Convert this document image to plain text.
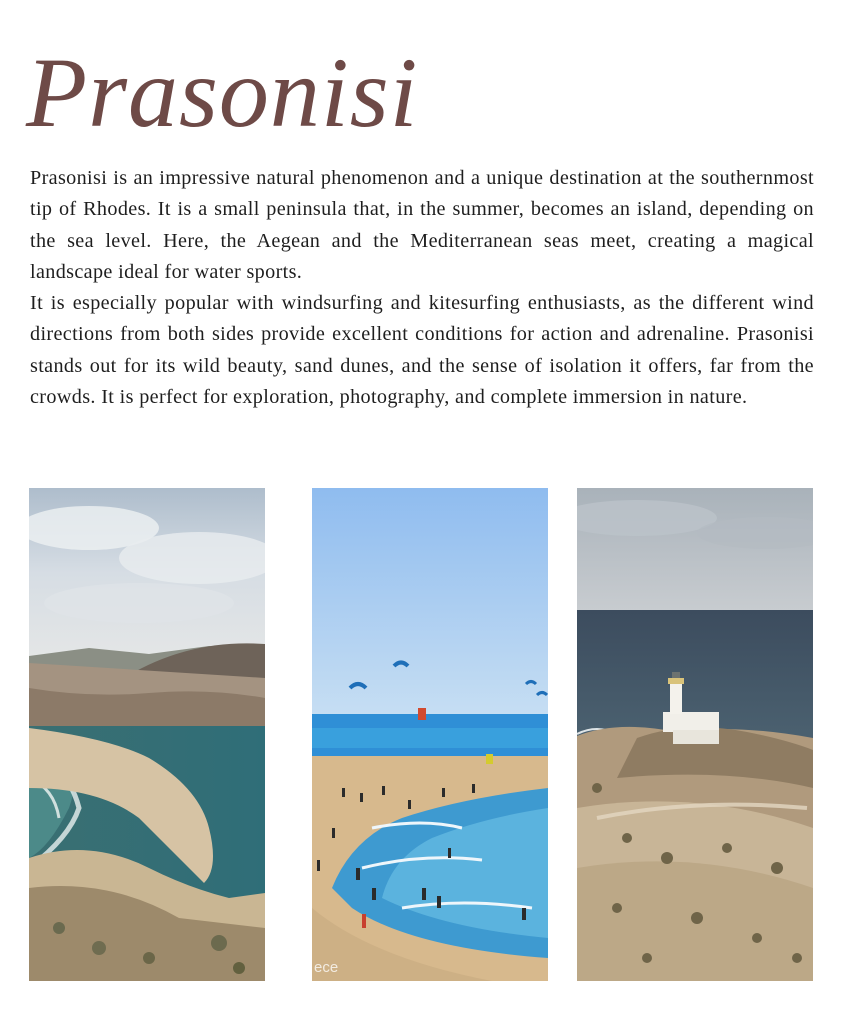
Prasonisi
Prasonisi is an impressive natural phenomenon and a unique destination at the southernmost tip of Rhodes. It is a small peninsula that, in the summer, becomes an island, depending on the sea level. Here, the Aegean and the Mediterranean seas meet, creating a magical landscape ideal for water sports.
It is especially popular with windsurfing and kitesurfing enthusiasts, as the different wind directions from both sides provide excellent conditions for action and adrenaline. Prasonisi stands out for its wild beauty, sand dunes, and the sense of isolation it offers, far from the crowds. It is perfect for exploration, photography, and complete immersion in nature.
ece
